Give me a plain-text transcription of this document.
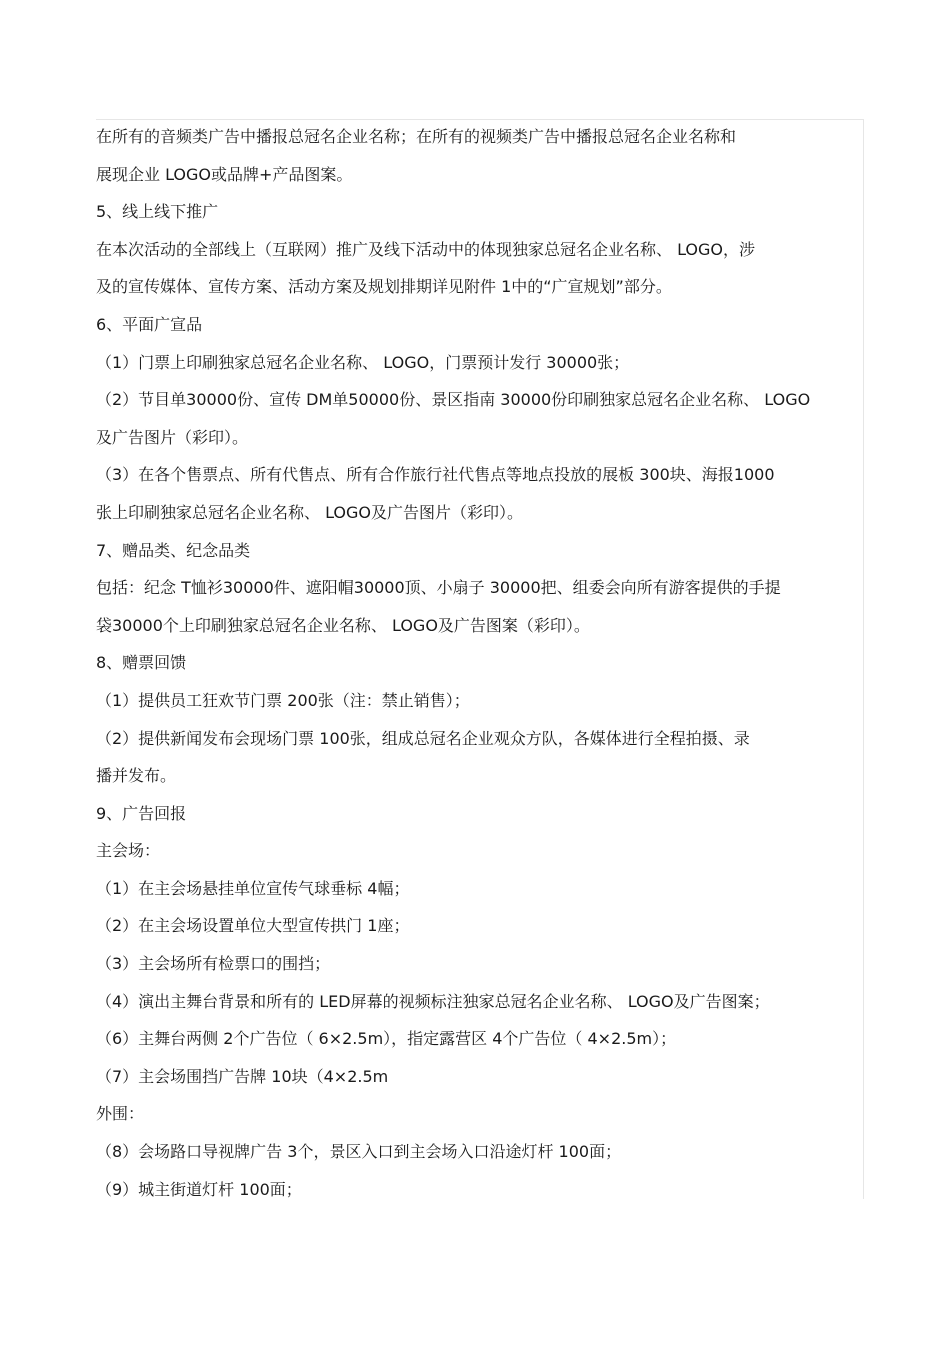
在所有的音频类广告中播报总冠名企业名称；在所有的视频类广告中播报总冠名企业名称和
展现企业 LOGO或品牌+产品图案。
5、线上线下推广
在本次活动的全部线上（互联网）推广及线下活动中的体现独家总冠名企业名称、 LOGO，涉
及的宣传媒体、宣传方案、活动方案及规划排期详见附件 1中的“广宣规划”部分。
6、平面广宣品
（1）门票上印刷独家总冠名企业名称、 LOGO，门票预计发行 30000张；
（2）节目单30000份、宣传 DM单50000份、景区指南 30000份印刷独家总冠名企业名称、 LOGO
及广告图片（彩印）。
（3）在各个售票点、所有代售点、所有合作旅行社代售点等地点投放的展板 300块、海报1000
张上印刷独家总冠名企业名称、 LOGO及广告图片（彩印）。
7、赠品类、纪念品类
包括：纪念 T恤衫30000件、遮阳帽30000顶、小扇子 30000把、组委会向所有游客提供的手提
袋30000个上印刷独家总冠名企业名称、 LOGO及广告图案（彩印）。
8、赠票回馈
（1）提供员工狂欢节门票 200张（注：禁止销售）；
（2）提供新闻发布会现场门票 100张，组成总冠名企业观众方队，各媒体进行全程拍摄、录
播并发布。
9、广告回报
主会场：
（1）在主会场悬挂单位宣传气球垂标 4幅；
（2）在主会场设置单位大型宣传拱门 1座；
（3）主会场所有检票口的围挡；
（4）演出主舞台背景和所有的 LED屏幕的视频标注独家总冠名企业名称、 LOGO及广告图案；
（6）主舞台两侧 2个广告位（ 6×2.5m），指定露营区 4个广告位（ 4×2.5m）；
（7）主会场围挡广告牌 10块（4×2.5m
外围：
（8）会场路口导视牌广告 3个，景区入口到主会场入口沿途灯杆 100面；
（9）城主街道灯杆 100面；
